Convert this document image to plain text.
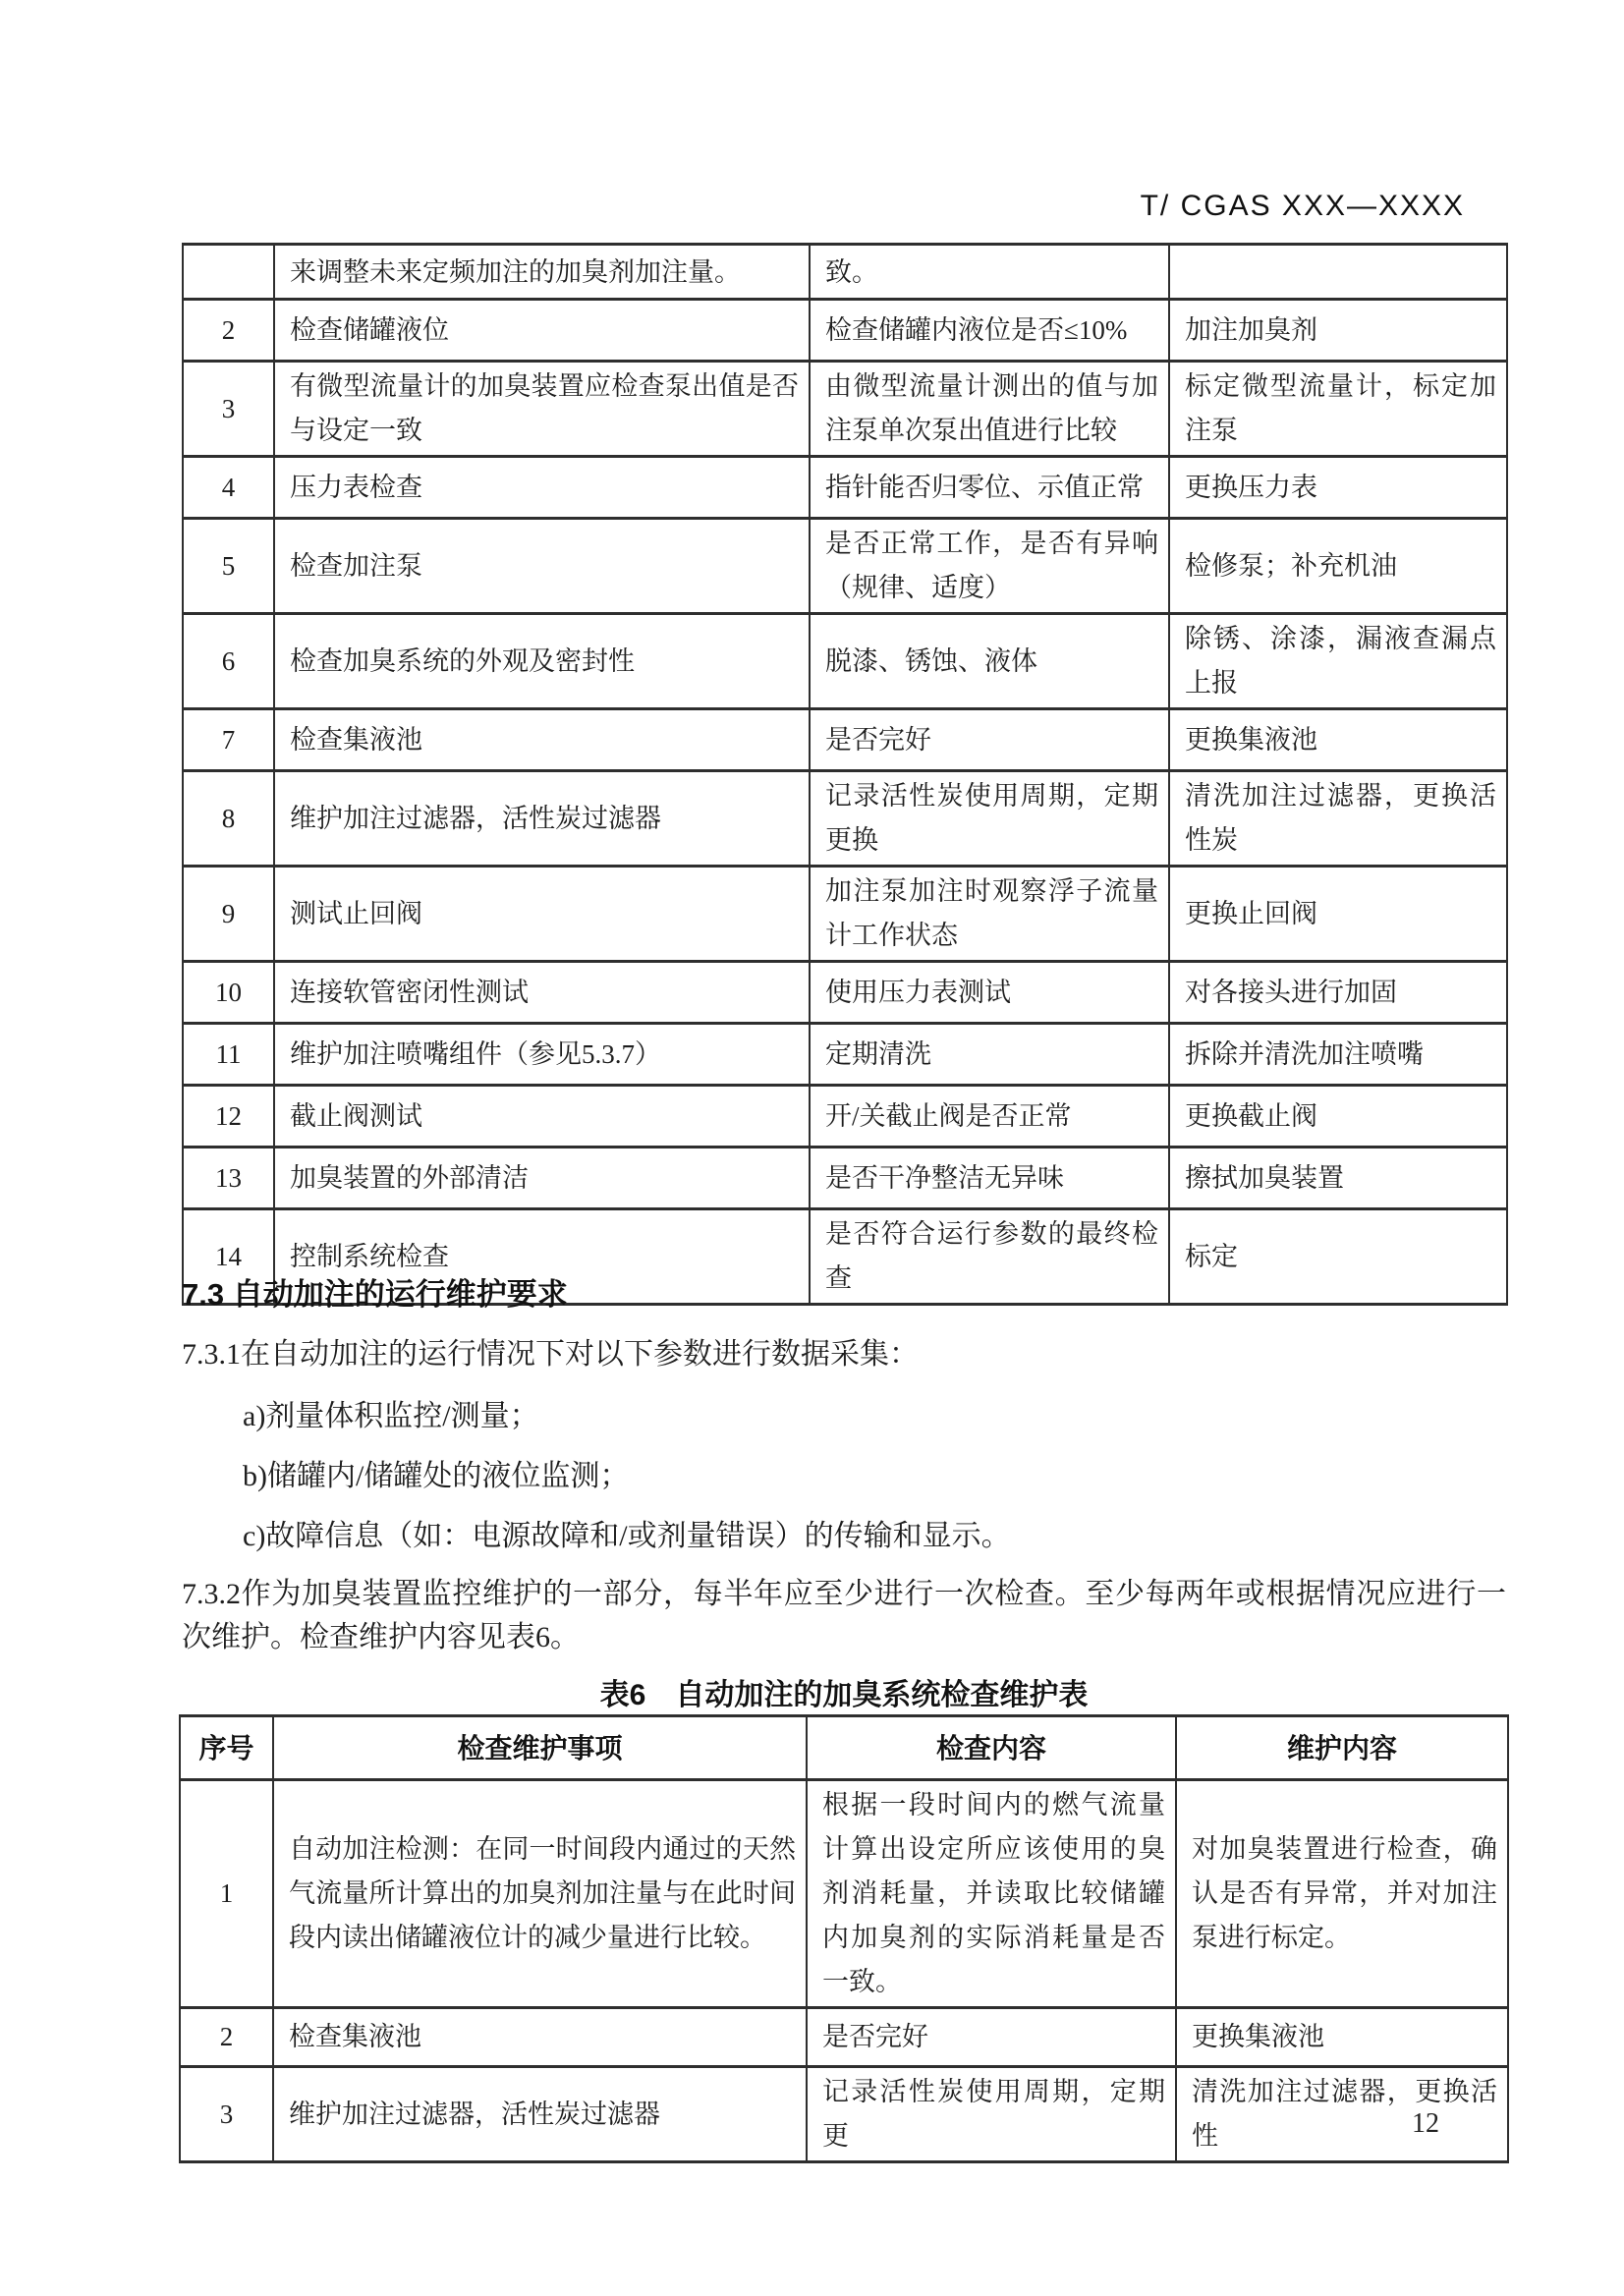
T/ CGAS XXX—XXXX
	来调整未来定频加注的加臭剂加注量。	致。	
2	检查储罐液位	检查储罐内液位是否≤10%	加注加臭剂
3	有微型流量计的加臭装置应检查泵出值是否与设定一致	由微型流量计测出的值与加注泵单次泵出值进行比较	标定微型流量计，标定加注泵
4	压力表检查	指针能否归零位、示值正常	更换压力表
5	检查加注泵	是否正常工作，是否有异响（规律、适度）	检修泵；补充机油
6	检查加臭系统的外观及密封性	脱漆、锈蚀、液体	除锈、涂漆，漏液查漏点上报
7	检查集液池	是否完好	更换集液池
8	维护加注过滤器，活性炭过滤器	记录活性炭使用周期，定期更换	清洗加注过滤器，更换活性炭
9	测试止回阀	加注泵加注时观察浮子流量计工作状态	更换止回阀
10	连接软管密闭性测试	使用压力表测试	对各接头进行加固
11	维护加注喷嘴组件（参见5.3.7）	定期清洗	拆除并清洗加注喷嘴
12	截止阀测试	开/关截止阀是否正常	更换截止阀
13	加臭装置的外部清洁	是否干净整洁无异味	擦拭加臭装置
14	控制系统检查	是否符合运行参数的最终检查	标定
7.3 自动加注的运行维护要求
7.3.1在自动加注的运行情况下对以下参数进行数据采集：
a)剂量体积监控/测量；
b)储罐内/储罐处的液位监测；
c)故障信息（如：电源故障和/或剂量错误）的传输和显示。
7.3.2作为加臭装置监控维护的一部分，每半年应至少进行一次检查。至少每两年或根据情况应进行一次维护。检查维护内容见表6。
表6　自动加注的加臭系统检查维护表
序号	检查维护事项	检查内容	维护内容
1	自动加注检测：在同一时间段内通过的天然气流量所计算出的加臭剂加注量与在此时间段内读出储罐液位计的减少量进行比较。	根据一段时间内的燃气流量计算出设定所应该使用的臭剂消耗量，并读取比较储罐内加臭剂的实际消耗量是否一致。	对加臭装置进行检查，确认是否有异常，并对加注泵进行标定。
2	检查集液池	是否完好	更换集液池
3	维护加注过滤器，活性炭过滤器	记录活性炭使用周期，定期更	清洗加注过滤器，更换活性	12
